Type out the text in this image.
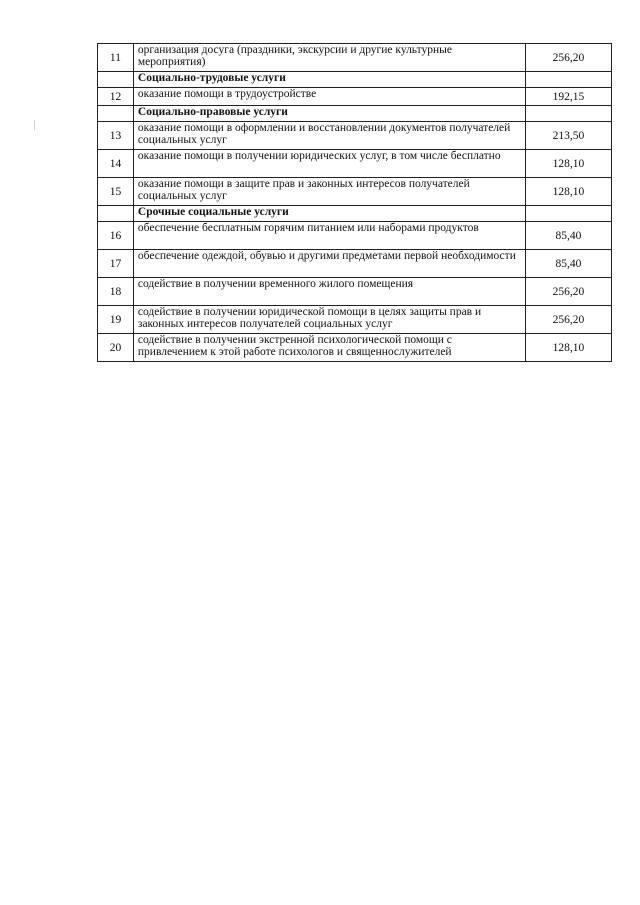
11	организация досуга (праздники, экскурсии и другие культурные мероприятия)	256,20
	Социально-трудовые услуги	
12	оказание помощи в трудоустройстве	192,15
	Социально-правовые услуги	
13	оказание помощи в оформлении и восстановлении документов получателей социальных услуг	213,50
14	оказание помощи в получении юридических услуг, в том числе бесплатно	128,10
15	оказание помощи в защите прав и законных интересов получателей социальных услуг	128,10
	Срочные социальные услуги	
16	обеспечение бесплатным горячим питанием или наборами продуктов	85,40
17	обеспечение одеждой, обувью и другими предметами первой необходимости	85,40
18	содействие в получении временного жилого помещения	256,20
19	содействие в получении юридической помощи в целях защиты прав и законных интересов получателей социальных услуг	256,20
20	содействие в получении экстренной психологической помощи с привлечением к этой работе психологов и священнослужителей	128,10
